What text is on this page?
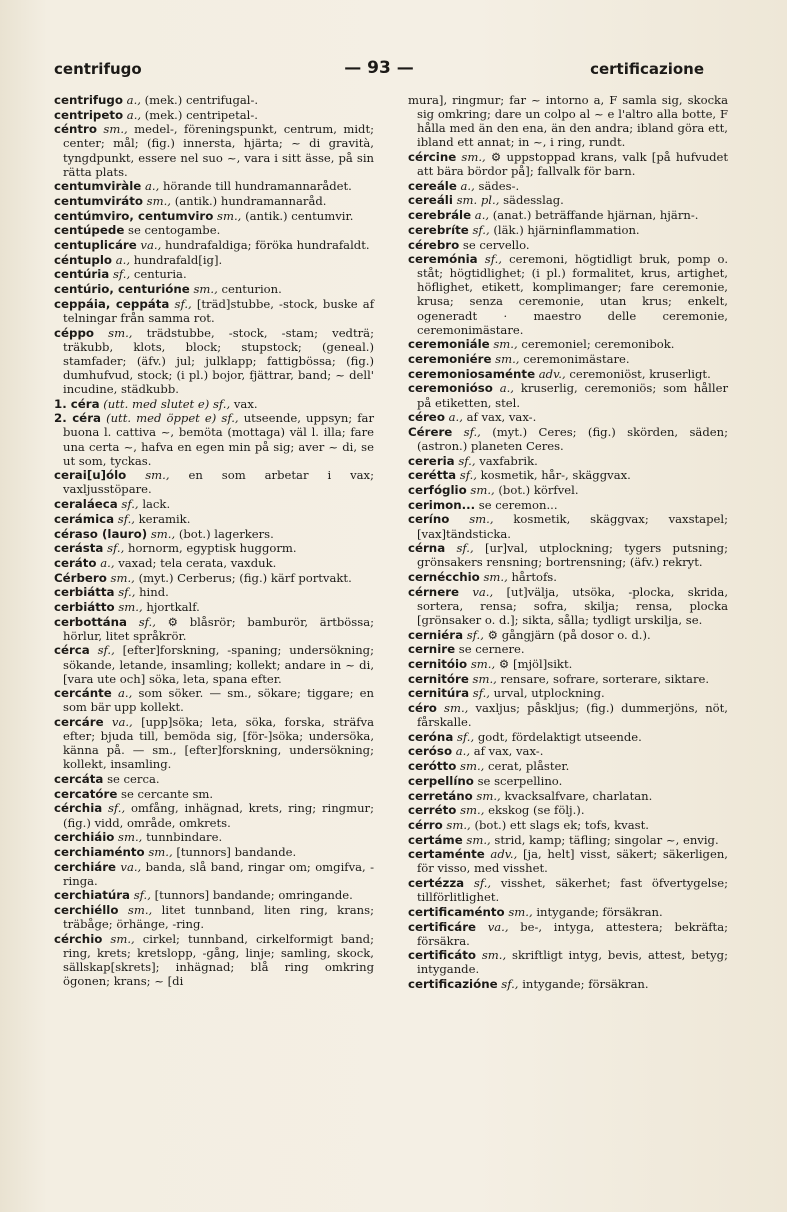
centrifugo	— 93 —	certificazione

centrifugo a., (mek.) centrifugal-.

centripeto a., (mek.) centripetal-.

céntro sm., medel-, föreningspunkt, centrum, midt; center; mål; (fig.) innersta, hjärta; ~ di gravità, tyngdpunkt, essere nel suo ~, vara i sitt ässe, på sin rätta plats.

centumviràle a., hörande till hundramannarådet.

centumviráto sm., (antik.) hundramannaråd.

centúmviro, centumviro sm., (antik.) centumvir.

centúpede se centogambe.

centuplicáre va., hundrafaldiga; föröka hundrafaldt.

céntuplo a., hundrafald[ig].

centúria sf., centuria.

centúrio, centurióne sm., centurion.

ceppáia, ceppáta sf., [träd]stubbe, -stock, buske af telningar från samma rot.

céppo sm., trädstubbe, -stock, -stam; vedträ; träkubb, klots, block; stupstock; (geneal.) stamfader; (äfv.) jul; julklapp; fattigbössa; (fig.) dumhufvud, stock; (i pl.) bojor, fjättrar, band; ~ dell' incudine, städkubb.

1. céra (utt. med slutet e) sf., vax.

2. céra (utt. med öppet e) sf., utseende, uppsyn; far buona l. cattiva ~, bemöta (mottaga) väl l. illa; fare una certa ~, hafva en egen min på sig; aver ~ di, se ut som, tyckas.

cerai[u]ólo sm., en som arbetar i vax; vaxljusstöpare.

ceraláeca sf., lack.

cerámica sf., keramik.

céraso (lauro) sm., (bot.) lagerkers.

cerásta sf., hornorm, egyptisk huggorm.

ceráto a., vaxad; tela cerata, vaxduk.

Cérbero sm., (myt.) Cerberus; (fig.) kärf portvakt.

cerbiátta sf., hind.

cerbiátto sm., hjortkalf.

cerbottána sf., ⚙ blåsrör; bamburör, ärtbössa; hörlur, litet språkrör.

cérca sf., [efter]forskning, -spaning; undersökning; sökande, letande, insamling; kollekt; andare in ~ di, [vara ute och] söka, leta, spana efter.

cercánte a., som söker. — sm., sökare; tiggare; en som bär upp kollekt.

cercáre va., [upp]söka; leta, söka, forska, sträfva efter; bjuda till, bemöda sig, [för-]söka; undersöka, känna på. — sm., [efter]forskning, undersökning; kollekt, insamling.

cercáta se cerca.

cercatóre se cercante sm.

cérchia sf., omfång, inhägnad, krets, ring; ringmur; (fig.) vidd, område, omkrets.

cerchiáio sm., tunnbindare.

cerchiaménto sm., [tunnors] bandande.

cerchiáre va., banda, slå band, ringar om; omgifva, -ringa.

cerchiatúra sf., [tunnors] bandande; omringande.

cerchiéllo sm., litet tunnband, liten ring, krans; träbåge; örhänge, -ring.

cérchio sm., cirkel; tunnband, cirkelformigt band; ring, krets; kretslopp, -gång, linje; samling, skock, sällskap[skrets]; inhägnad; blå ring omkring ögonen; krans; ~ [di

mura], ringmur; far ~ intorno a, F samla sig, skocka sig omkring; dare un colpo al ~ e l'altro alla botte, F hålla med än den ena, än den andra; ibland göra ett, ibland ett annat; in ~, i ring, rundt.

cércine sm., ⚙ uppstoppad krans, valk [på hufvudet att bära bördor på]; fallvalk för barn.

cereále a., sädes-.

cereáli sm. pl., sädesslag.

cerebrále a., (anat.) beträffande hjärnan, hjärn-.

cerebríte sf., (läk.) hjärninflammation.

cérebro se cervello.

ceremónia sf., ceremoni, högtidligt bruk, pomp o. ståt; högtidlighet; (i pl.) formalitet, krus, artighet, höflighet, etikett, komplimanger; fare ceremonie, krusa; senza ceremonie, utan krus; enkelt, ogeneradt · maestro delle ceremonie, ceremonimästare.

ceremoniále sm., ceremoniel; ceremonibok.

ceremoniére sm., ceremonimästare.

ceremoniosaménte adv., ceremoniöst, kruserligt.

ceremonióso a., kruserlig, ceremoniös; som håller på etiketten, stel.

céreo a., af vax, vax-.

Cérere sf., (myt.) Ceres; (fig.) skörden, säden; (astron.) planeten Ceres.

cereria sf., vaxfabrik.

cerétta sf., kosmetik, hår-, skäggvax.

cerfóglio sm., (bot.) körfvel.

cerimon... se ceremon...

ceríno sm., kosmetik, skäggvax; vaxstapel; [vax]tändsticka.

cérna sf., [ur]val, utplockning; tygers putsning; grönsakers rensning; bortrensning; (äfv.) rekryt.

cernécchio sm., hårtofs.

cérnere va., [ut]välja, utsöka, -plocka, skrida, sortera, rensa; sofra, skilja; rensa, plocka [grönsaker o. d.]; sikta, sålla; tydligt urskilja, se.

cerniéra sf., ⚙ gångjärn (på dosor o. d.).

cernire se cernere.

cernitóio sm., ⚙ [mjöl]sikt.

cernitóre sm., rensare, sofrare, sorterare, siktare.

cernitúra sf., urval, utplockning.

céro sm., vaxljus; påskljus; (fig.) dummerjöns, nöt, fårskalle.

ceróna sf., godt, fördelaktigt utseende.

ceróso a., af vax, vax-.

cerótto sm., cerat, plåster.

cerpellíno se scerpellino.

cerretáno sm., kvacksalfvare, charlatan.

cerréto sm., ekskog (se följ.).

cérro sm., (bot.) ett slags ek; tofs, kvast.

certáme sm., strid, kamp; täfling; singolar ~, envig.

certaménte adv., [ja, helt] visst, säkert; säkerligen, för visso, med visshet.

certézza sf., visshet, säkerhet; fast öfvertygelse; tillförlitlighet.

certificaménto sm., intygande; försäkran.

certificáre va., be-, intyga, attestera; bekräfta; försäkra.

certificáto sm., skriftligt intyg, bevis, attest, betyg; intygande.

certificazióne sf., intygande; försäkran.
